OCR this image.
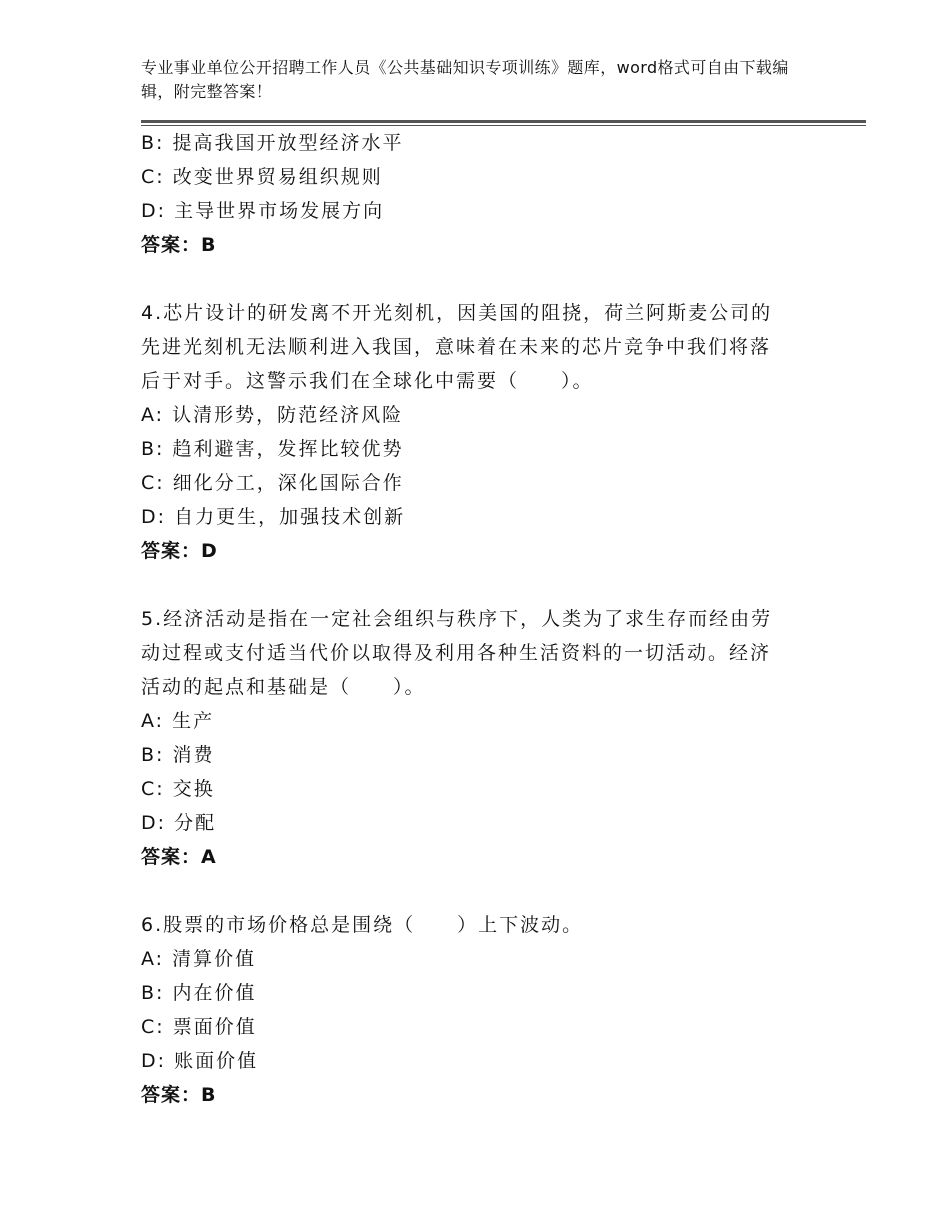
专业事业单位公开招聘工作人员《公共基础知识专项训练》题库，word格式可自由下载编辑，附完整答案！
B: 提高我国开放型经济水平
C: 改变世界贸易组织规则
D: 主导世界市场发展方向
答案：B
4.芯片设计的研发离不开光刻机，因美国的阻挠，荷兰阿斯麦公司的
先进光刻机无法顺利进入我国，意味着在未来的芯片竞争中我们将落
后于对手。这警示我们在全球化中需要（　　）。
A: 认清形势，防范经济风险
B: 趋利避害，发挥比较优势
C: 细化分工，深化国际合作
D: 自力更生，加强技术创新
答案：D
5.经济活动是指在一定社会组织与秩序下，人类为了求生存而经由劳
动过程或支付适当代价以取得及利用各种生活资料的一切活动。经济
活动的起点和基础是（　　）。
A: 生产
B: 消费
C: 交换
D: 分配
答案：A
6.股票的市场价格总是围绕（　　）上下波动。
A: 清算价值
B: 内在价值
C: 票面价值
D: 账面价值
答案：B
